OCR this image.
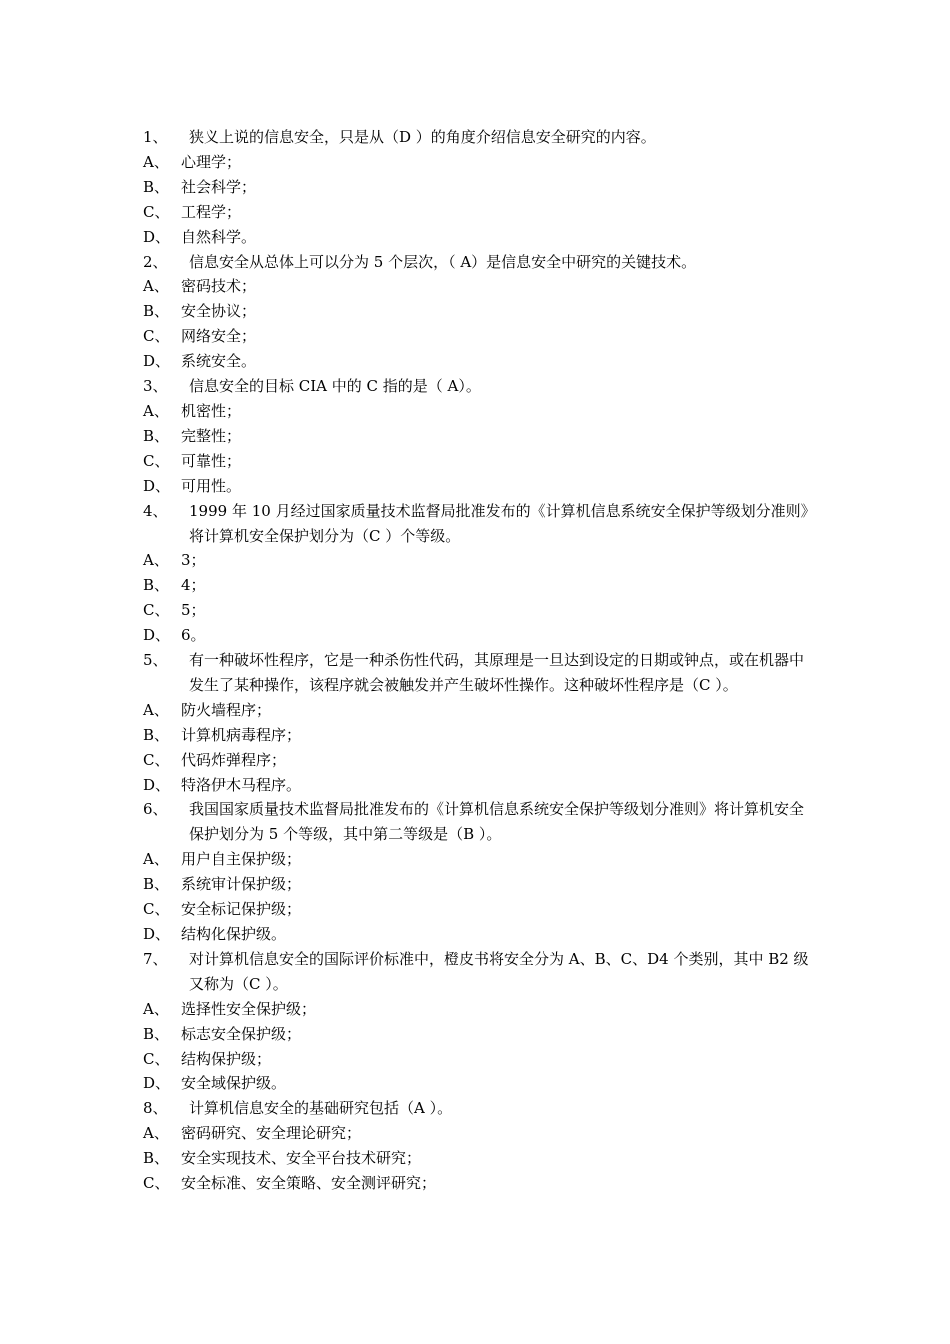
1、 狭义上说的信息安全，只是从（D ）的角度介绍信息安全研究的内容。
A、 心理学；
B、 社会科学；
C、 工程学；
D、 自然科学。
2、 信息安全从总体上可以分为 5 个层次，（ A）是信息安全中研究的关键技术。
A、 密码技术；
B、 安全协议；
C、 网络安全；
D、 系统安全。
3、 信息安全的目标 CIA 中的 C 指的是（ A）。
A、 机密性；
B、 完整性；
C、 可靠性；
D、 可用性。
4、 1999 年 10 月经过国家质量技术监督局批准发布的《计算机信息系统安全保护等级划分准则》将计算机安全保护划分为（C ）个等级。
A、 3；
B、 4；
C、 5；
D、 6。
5、 有一种破坏性程序，它是一种杀伤性代码，其原理是一旦达到设定的日期或钟点，或在机器中发生了某种操作，该程序就会被触发并产生破坏性操作。这种破坏性程序是（C ）。
A、 防火墙程序；
B、 计算机病毒程序；
C、 代码炸弹程序；
D、 特洛伊木马程序。
6、 我国国家质量技术监督局批准发布的《计算机信息系统安全保护等级划分准则》将计算机安全保护划分为 5 个等级，其中第二等级是（B ）。
A、 用户自主保护级；
B、 系统审计保护级；
C、 安全标记保护级；
D、 结构化保护级。
7、 对计算机信息安全的国际评价标准中，橙皮书将安全分为 A、B、C、D4 个类别，其中 B2 级又称为（C ）。
A、 选择性安全保护级；
B、 标志安全保护级；
C、 结构保护级；
D、 安全域保护级。
8、 计算机信息安全的基础研究包括（A ）。
A、 密码研究、安全理论研究；
B、 安全实现技术、安全平台技术研究；
C、 安全标准、安全策略、安全测评研究；
